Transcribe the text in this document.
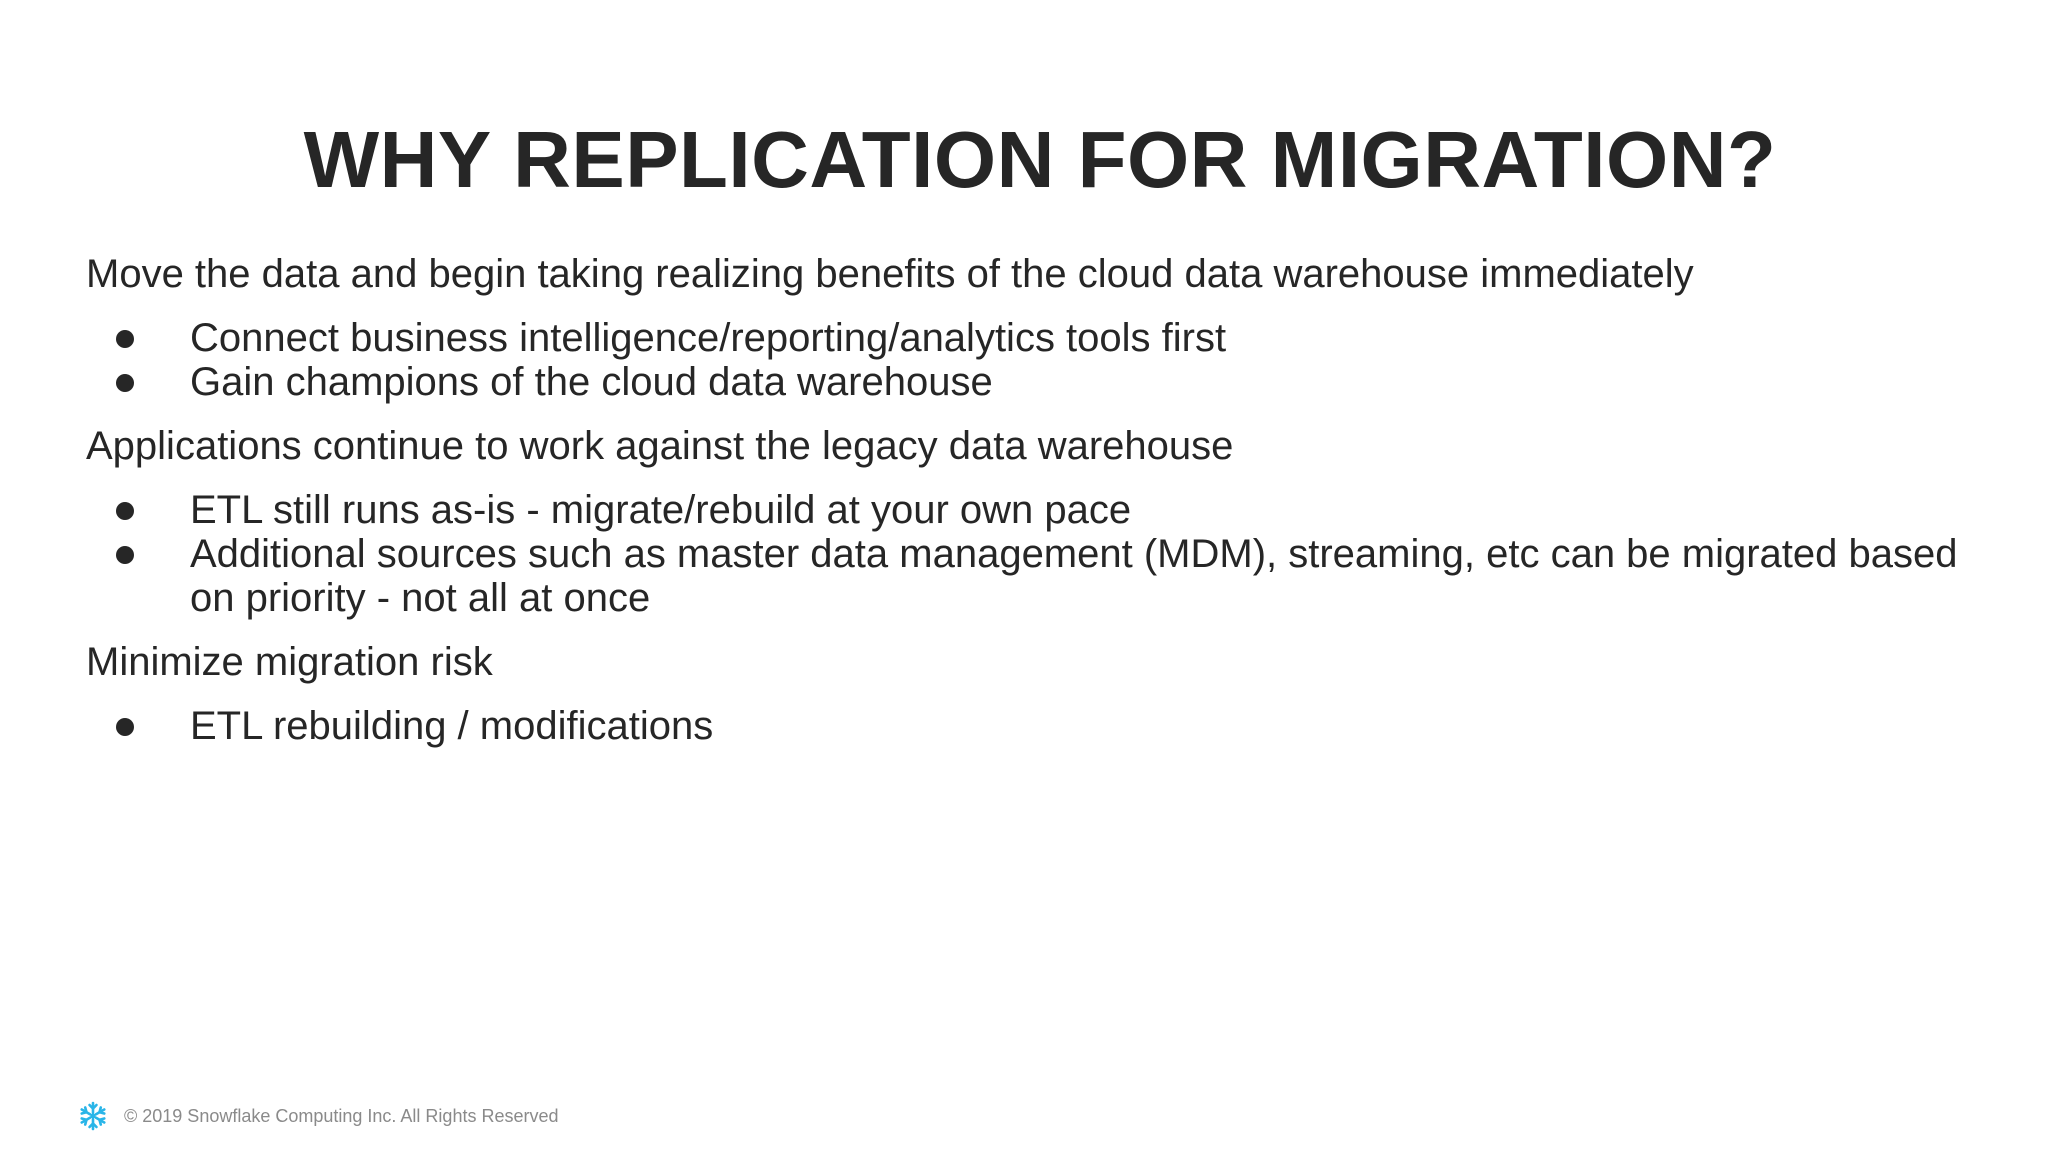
WHY REPLICATION FOR MIGRATION?

Move the data and begin taking realizing benefits of the cloud data warehouse immediately

Connect business intelligence/reporting/analytics tools first
Gain champions of the cloud data warehouse

Applications continue to work against the legacy data warehouse

ETL still runs as-is - migrate/rebuild at your own pace
Additional sources such as master data management (MDM), streaming, etc can be migrated based on priority - not all at once

Minimize migration risk

ETL rebuilding / modifications
© 2019 Snowflake Computing Inc. All Rights Reserved
